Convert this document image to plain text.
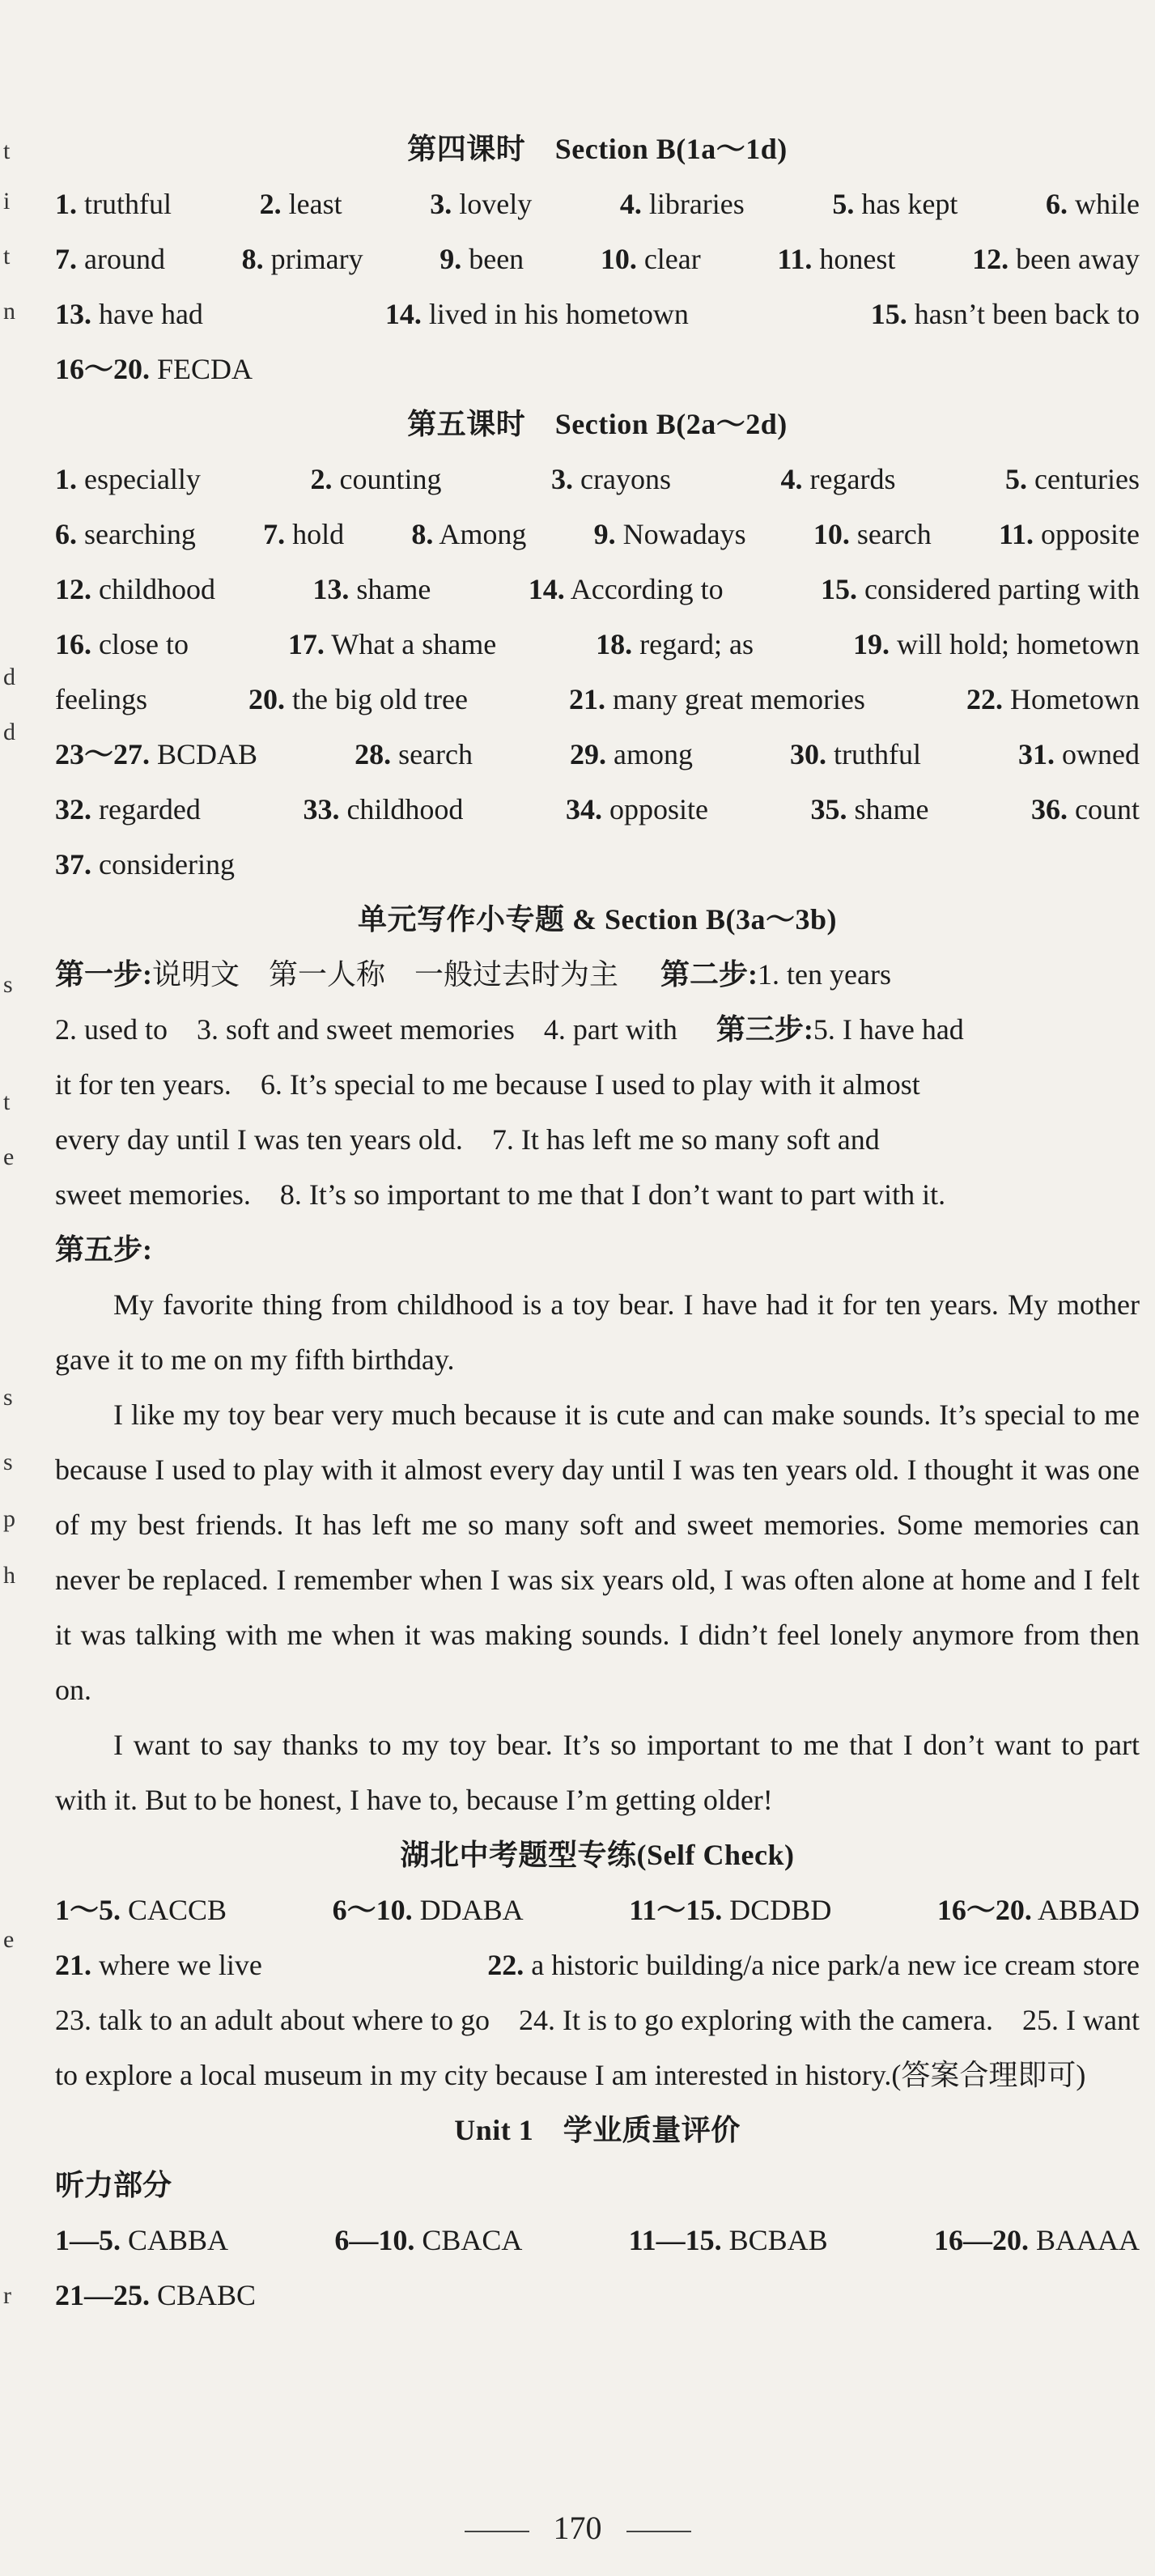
t
i
t
n
d
d
s
t
e
s
s
p
h
e
r
第四课时　Section B(1a～1d)
1. truthful	2. least	3. lovely	4. libraries	5. has kept	6. while
7. around	8. primary	9. been	10. clear	11. honest	12. been away
13. have had	14. lived in his hometown	15. hasn’t been back to
16～20. FECDA
第五课时　Section B(2a～2d)
1. especially	2. counting	3. crayons	4. regards	5. centuries
6. searching 7. hold 8. Among 9. Nowadays 10. search 11. opposite
12. childhood	13. shame	14. According to	15. considered parting with
16. close to	17. What a shame	18. regard; as	19. will hold; hometown
feelings	20. the big old tree	21. many great memories	22. Hometown
23～27. BCDAB	28. search	29. among	30. truthful	31. owned
32. regarded	33. childhood	34. opposite	35. shame	36. count
37. considering
单元写作小专题 & Section B(3a～3b)
第一步:说明文　第一人称　一般过去时为主 第二步:1. ten years
2. used to　3. soft and sweet memories　4. part with 第三步:5. I have had
it for ten years.　6. It’s special to me because I used to play with it almost
every day until I was ten years old.　7. It has left me so many soft and
sweet memories.　8. It’s so important to me that I don’t want to part with it.
第五步:
My favorite thing from childhood is a toy bear. I have had it for ten years. My mother gave it to me on my fifth birthday.
I like my toy bear very much because it is cute and can make sounds. It’s special to me because I used to play with it almost every day until I was ten years old. I thought it was one of my best friends. It has left me so many soft and sweet memories. Some memories can never be replaced. I remember when I was six years old, I was often alone at home and I felt it was talking with me when it was making sounds. I didn’t feel lonely anymore from then on.
I want to say thanks to my toy bear. It’s so important to me that I don’t want to part with it. But to be honest, I have to, because I’m getting older!
湖北中考题型专练(Self Check)
1～5. CACCB	6～10. DDABA	11～15. DCDBD	16～20. ABBAD
21. where we live	22. a historic building/a nice park/a new ice cream store
23. talk to an adult about where to go　24. It is to go exploring with the camera.　25. I want to explore a local museum in my city because I am interested in history.(答案合理即可)
Unit 1　学业质量评价
听力部分
1—5. CABBA	6—10. CBACA	11—15. BCBAB	16—20. BAAAA
21—25. CBABC
170
